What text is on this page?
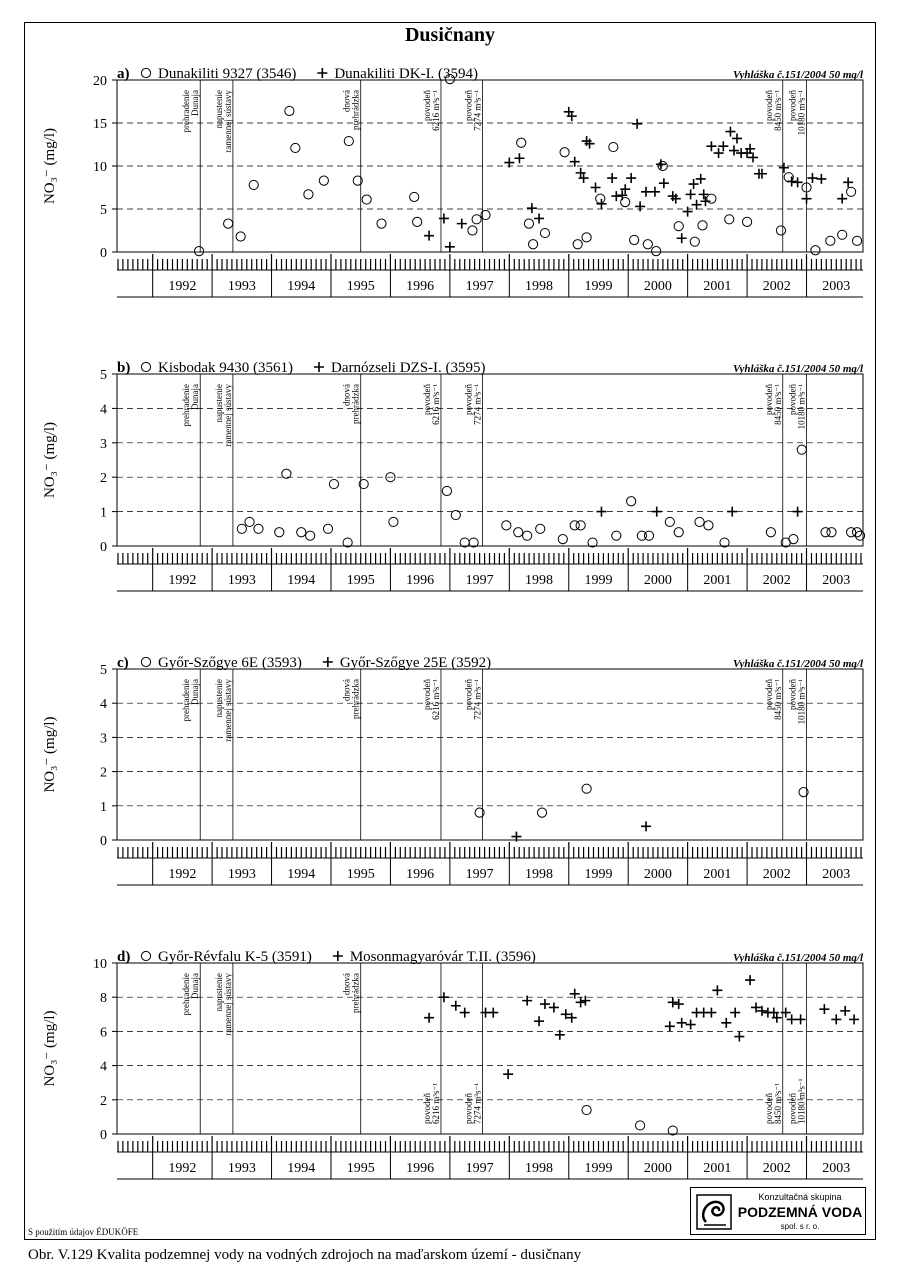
Dusičnany
0
5
10
15
20
NO₃⁻ (mg/l)
1992 1993 1994 1995 1996 1997 1998 1999 2000 2001 2002 2003
prehradenie Dunaja napustenie ramennej sústavy	dnová prehrádzka	povodeň 6216 m³s⁻¹	povodeň 7274 m³s⁻¹	povodeň 8450 m³s⁻¹ povodeň 10180 m³s⁻¹
a) Dunakiliti 9327 (3546)	Dunakiliti DK-I. (3594)	Vyhláška č.151/2004 50 mg/l
0
1
2
3
4
5
NO₃⁻ (mg/l)
1992 1993 1994 1995 1996 1997 1998 1999 2000 2001 2002 2003
prehradenie Dunaja napustenie ramennej sústavy	dnová prehrádzka	povodeň 6216 m³s⁻¹	povodeň 7274 m³s⁻¹	povodeň 8450 m³s⁻¹ povodeň 10180 m³s⁻¹
b) Kisbodak 9430 (3561)	Darnózseli DZS-I. (3595)	Vyhláška č.151/2004 50 mg/l
0
1
2
3
4
5
NO₃⁻ (mg/l)
1992 1993 1994 1995 1996 1997 1998 1999 2000 2001 2002 2003
prehradenie Dunaja napustenie ramennej sústavy	dnová prehrádzka	povodeň 6216 m³s⁻¹	povodeň 7274 m³s⁻¹	povodeň 8450 m³s⁻¹ povodeň 10180 m³s⁻¹
c) Győr-Szőgye 6E (3593)	Győr-Szőgye 25E (3592)	Vyhláška č.151/2004 50 mg/l
0
2
4
6
8
10
NO₃⁻ (mg/l)
1992 1993 1994 1995 1996 1997 1998 1999 2000 2001 2002 2003
prehradenie Dunaja napustenie ramennej sústavy	dnová prehrádzka
povodeň 6216 m³s⁻¹	povodeň 7274 m³s⁻¹	povodeň 8450 m³s⁻¹ povodeň 10180 m³s⁻¹
d) Győr-Révfalu K-5 (3591)	Mosonmagyaróvár T.II. (3596)	Vyhláška č.151/2004 50 mg/l
Konzultačná skupina
PODZEMNÁ VODA
spol. s r. o.
S použitím údajov ÉDUKÖFE
Obr. V.129 Kvalita podzemnej vody na vodných zdrojoch na maďarskom území - dusičnany
